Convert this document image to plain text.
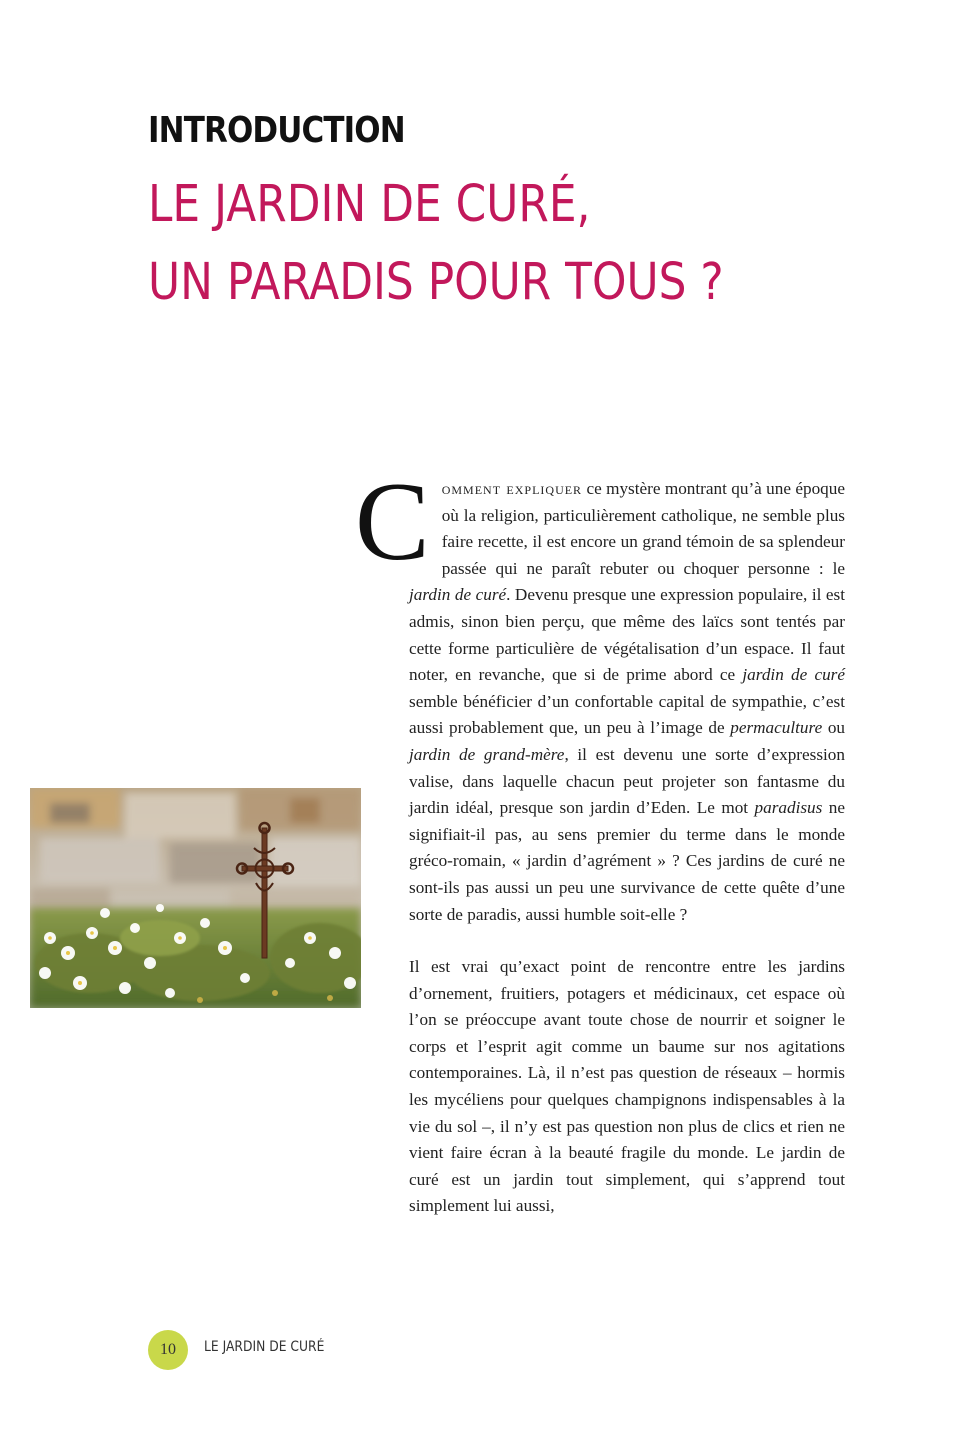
INTRODUCTION
LE JARDIN DE CURÉ,
UN PARADIS POUR TOUS ?

Comment expliquer ce mystère montrant qu’à une époque où la religion, particulièrement catholique, ne semble plus faire recette, il est encore un grand témoin de sa splendeur passée qui ne paraît rebuter ou choquer personne : le jardin de curé. Devenu presque une expression populaire, il est admis, sinon bien perçu, que même des laïcs sont tentés par cette forme particulière de végétalisation d’un espace. Il faut noter, en revanche, que si de prime abord ce jardin de curé semble bénéficier d’un confortable capital de sympathie, c’est aussi probablement que, un peu à l’image de permaculture ou jardin de grand-mère, il est devenu une sorte d’expression valise, dans laquelle chacun peut projeter son fantasme du jardin idéal, presque son jardin d’Eden. Le mot paradisus ne signifiait-il pas, au sens premier du terme dans le monde gréco-romain, « jardin d’agrément » ? Ces jardins de curé ne sont-ils pas aussi un peu une survivance de cette quête d’une sorte de paradis, aussi humble soit-elle ?

Il est vrai qu’exact point de rencontre entre les jardins d’ornement, fruitiers, potagers et médicinaux, cet espace où l’on se préoccupe avant toute chose de nourrir et soigner le corps et l’esprit agit comme un baume sur nos agitations contemporaines. Là, il n’est pas question de réseaux – hormis les mycéliens pour quelques champignons indispensables à la vie du sol –, il n’y est pas question non plus de clics et rien ne vient faire écran à la beauté fragile du monde. Le jardin de curé est un jardin tout simplement, qui s’apprend tout simplement lui aussi,

10	LE JARDIN DE CURÉ
